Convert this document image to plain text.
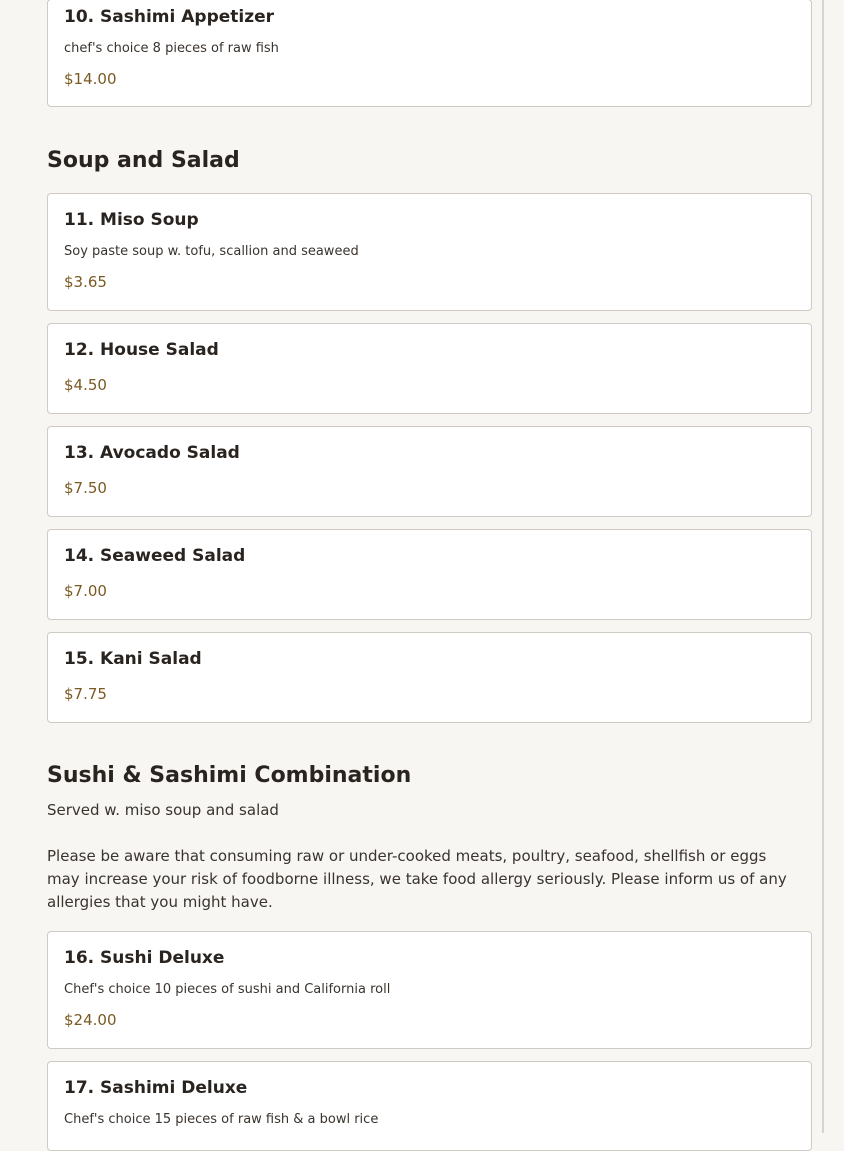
10. Sashimi Appetizer
chef's choice 8 pieces of raw fish
$14.00
Soup and Salad
11. Miso Soup
Soy paste soup w. tofu, scallion and seaweed
$3.65
12. House Salad
$4.50
13. Avocado Salad
$7.50
14. Seaweed Salad
$7.00
15. Kani Salad
$7.75
Sushi & Sashimi Combination
Served w. miso soup and salad
Please be aware that consuming raw or under-cooked meats, poultry, seafood, shellfish or eggs may increase your risk of foodborne illness, we take food allergy seriously. Please inform us of any allergies that you might have.
16. Sushi Deluxe
Chef's choice 10 pieces of sushi and California roll
$24.00
17. Sashimi Deluxe
Chef's choice 15 pieces of raw fish & a bowl rice
